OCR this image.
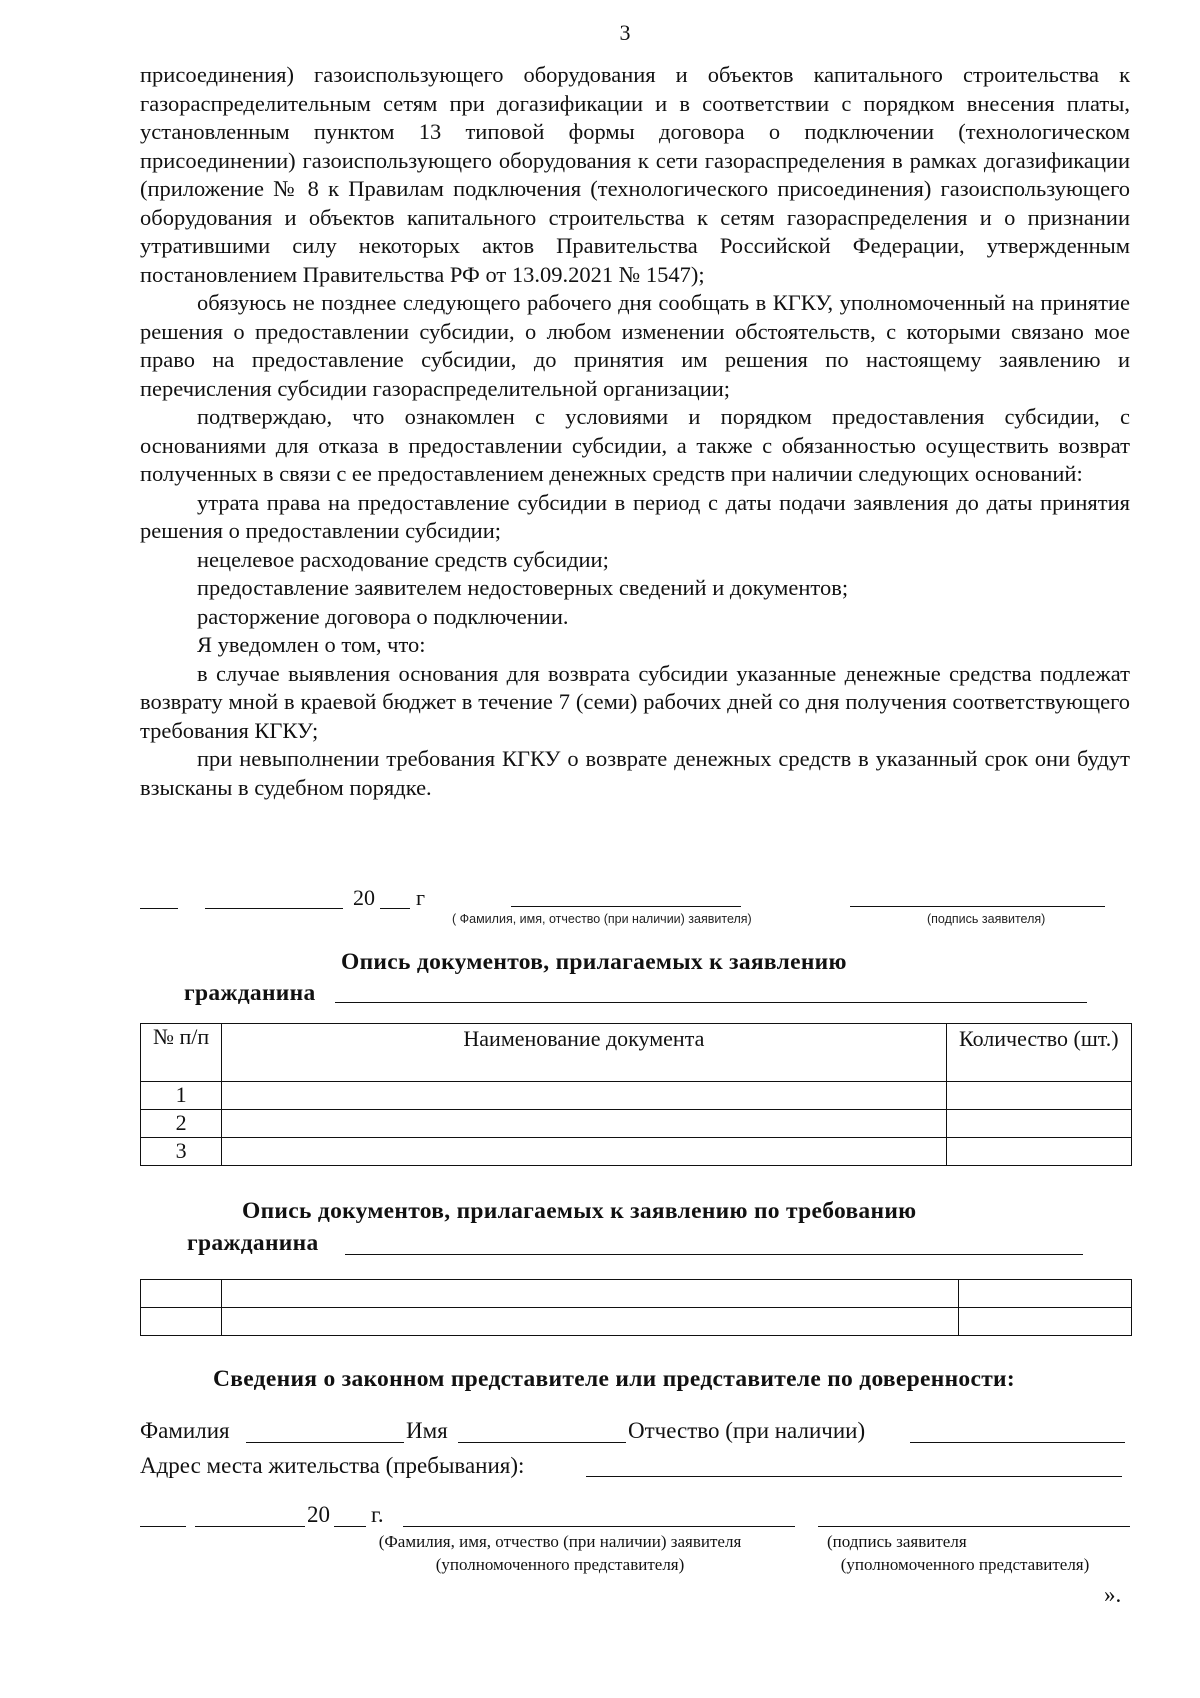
3

присоединения) газоиспользующего оборудования и объектов капитального строительства к газораспределительным сетям при догазификации и в соответствии с порядком внесения платы, установленным пунктом 13 типовой формы договора о подключении (технологическом присоединении) газоиспользующего оборудования к сети газораспределения в рамках догазификации (приложение № 8 к Правилам подключения (технологического присоединения) газоиспользующего оборудования и объектов капитального строительства к сетям газораспределения и о признании утратившими силу некоторых актов Правительства Российской Федерации, утвержденным постановлением Правительства РФ от 13.09.2021 № 1547);

обязуюсь не позднее следующего рабочего дня сообщать в КГКУ, уполномоченный на принятие решения о предоставлении субсидии, о любом изменении обстоятельств, с которыми связано мое право на предоставление субсидии, до принятия им решения по настоящему заявлению и перечисления субсидии газораспределительной организации;

подтверждаю, что ознакомлен с условиями и порядком предоставления субсидии, с основаниями для отказа в предоставлении субсидии, а также с обязанностью осуществить возврат полученных в связи с ее предоставлением денежных средств при наличии следующих оснований:

утрата права на предоставление субсидии в период с даты подачи заявления до даты принятия решения о предоставлении субсидии;

нецелевое расходование средств субсидии;

предоставление заявителем недостоверных сведений и документов;

расторжение договора о подключении.

Я уведомлен о том, что:

в случае выявления основания для возврата субсидии указанные денежные средства подлежат возврату мной в краевой бюджет в течение 7 (семи) рабочих дней со дня получения соответствующего требования КГКУ;

при невыполнении требования КГКУ о возврате денежных средств в указанный срок они будут взысканы в судебном порядке.

20 г
( Фамилия, имя, отчество (при наличии) заявителя)	(подпись заявителя)
Опись документов, прилагаемых к заявлению
гражданина
№ п/п	Наименование документа	Количество (шт.)
1		
2		
3		
Опись документов, прилагаемых к заявлению по требованию
гражданина

Сведения о законном представителе или представителе по доверенности:
Фамилия	Имя	Отчество (при наличии)
Адрес места жительства (пребывания):
20 г.
(Фамилия, имя, отчество (при наличии) заявителя
(уполномоченного представителя)
(подпись заявителя
(уполномоченного представителя)
».
